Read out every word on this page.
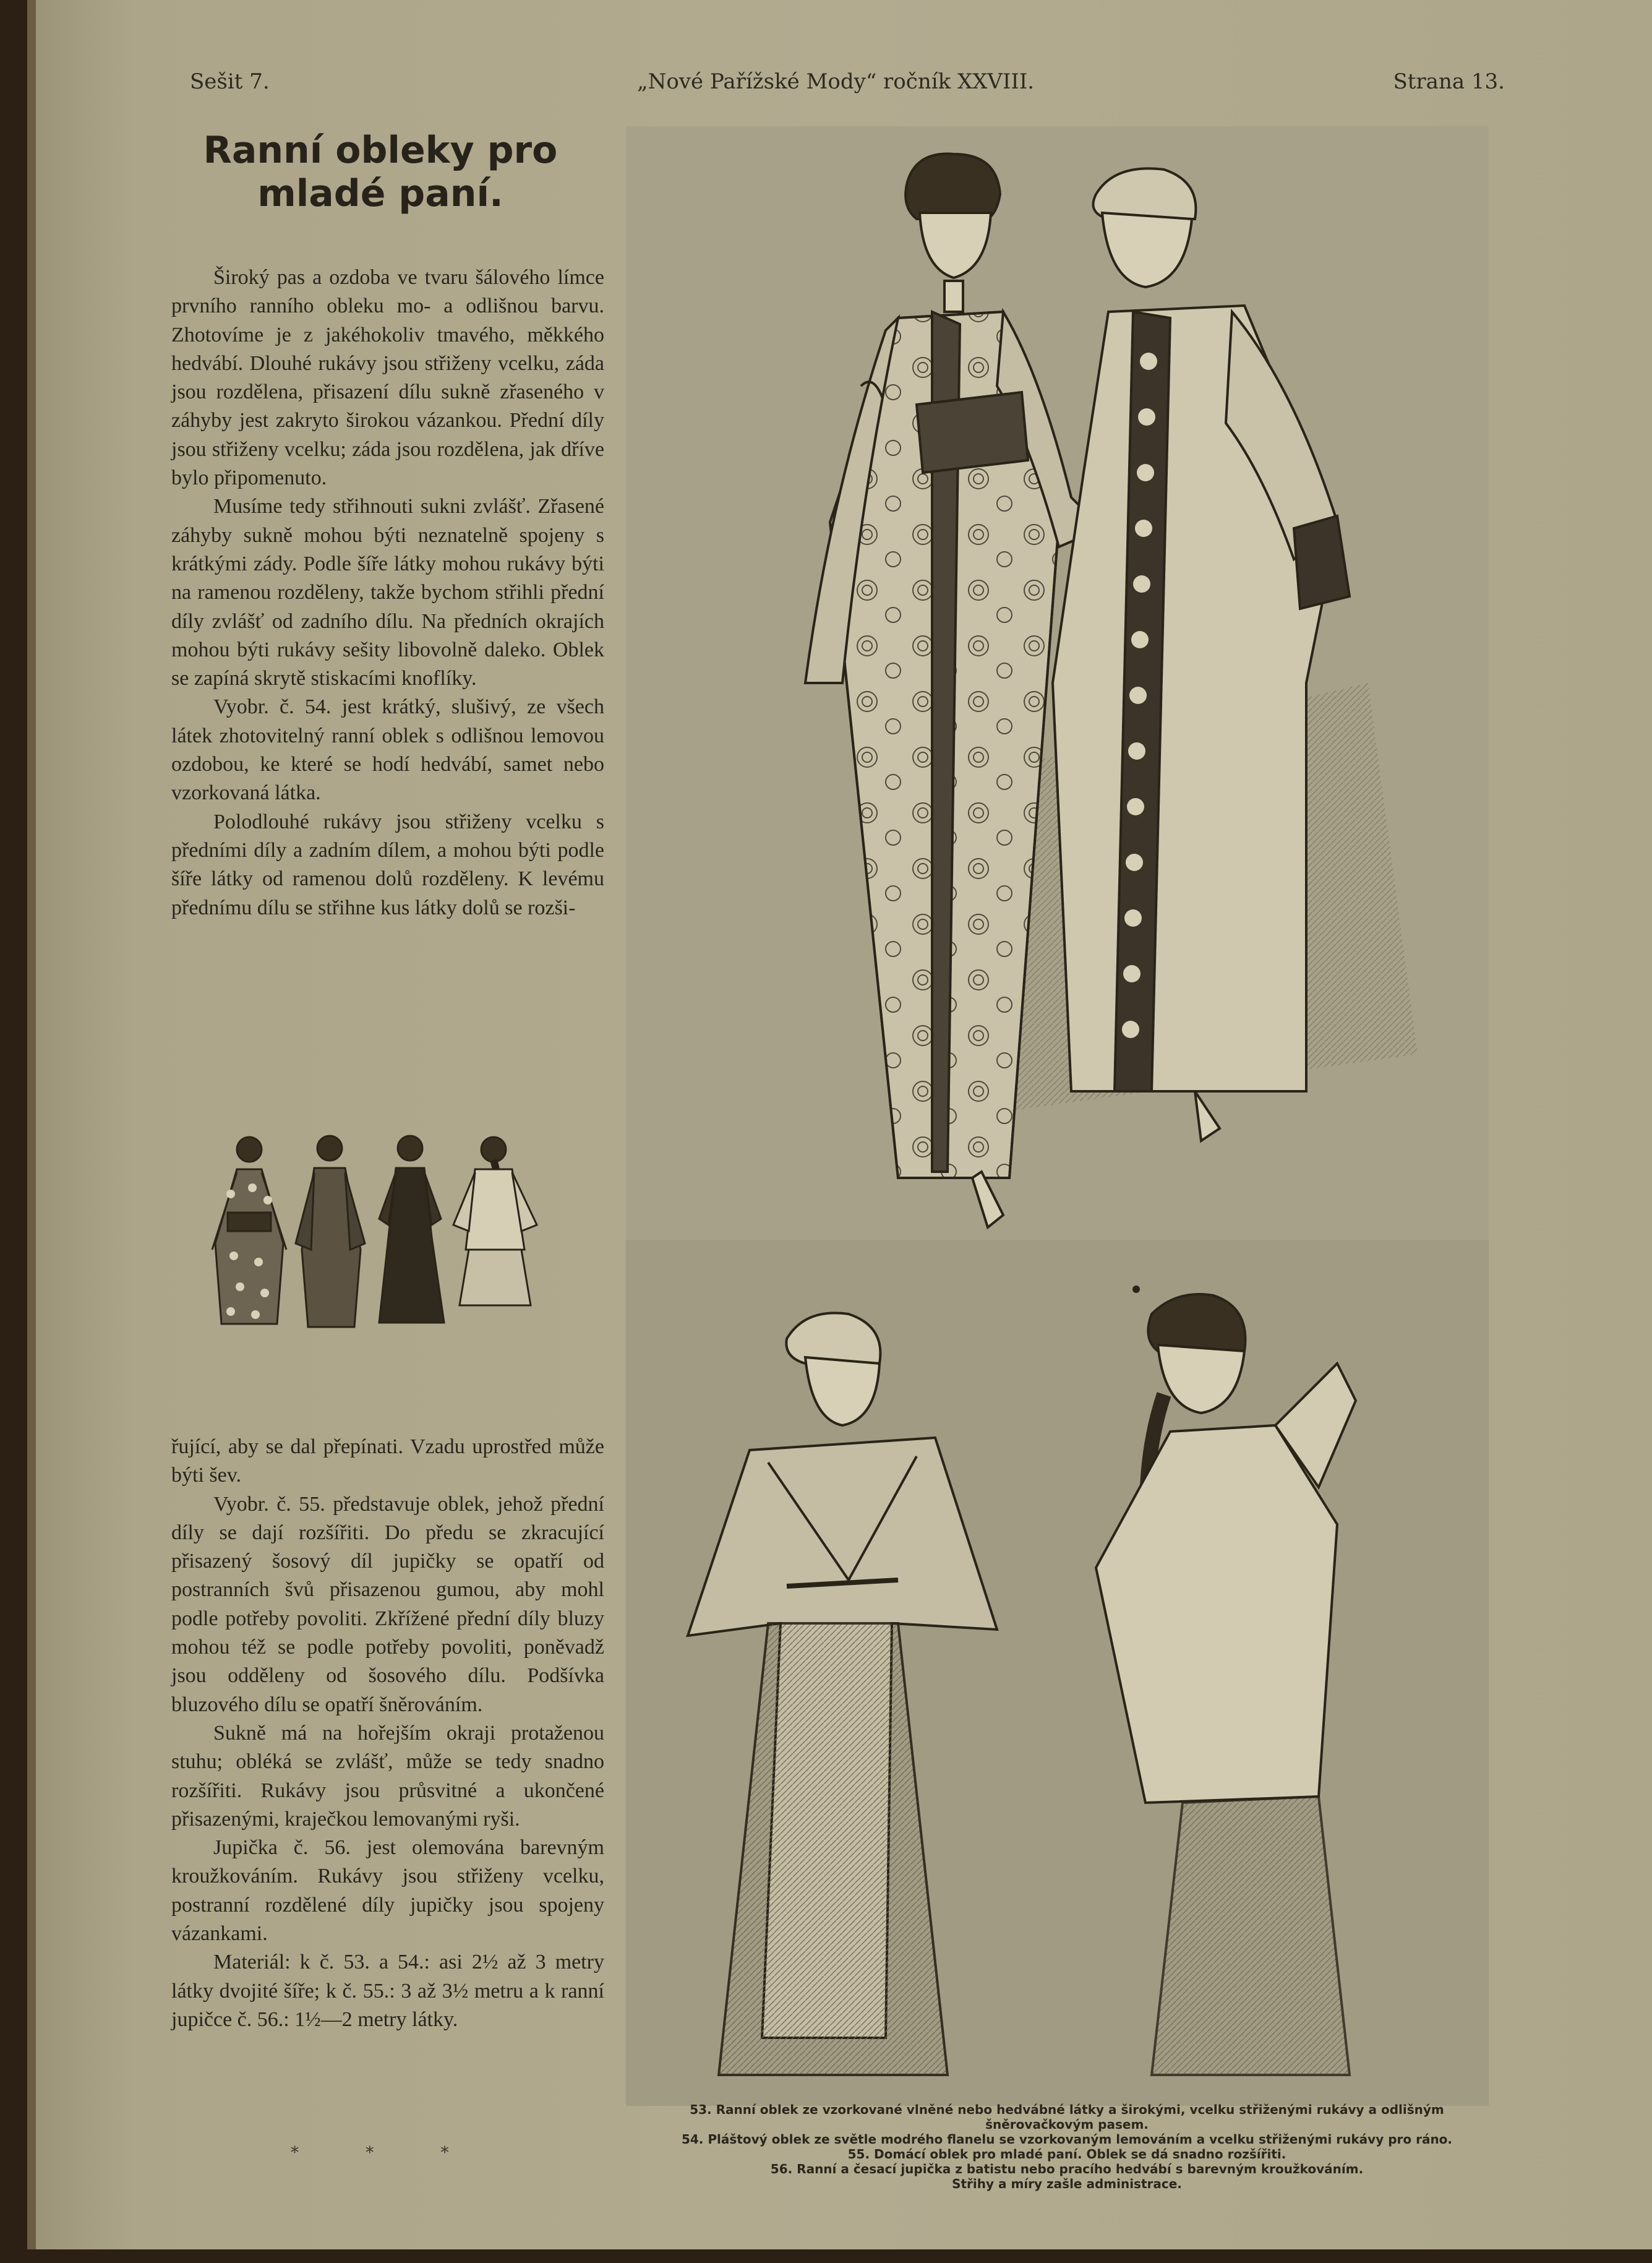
Sešit 7.	„Nové Pařížské Mody“ ročník XXVIII.	Strana 13.
Ranní obleky pro
mladé paní.

Široký pas a ozdoba ve tvaru šálového límce prvního ranního obleku mo- a odlišnou barvu. Zhotovíme je z jakéhokoliv tmavého, měkkého hedvábí. Dlouhé rukávy jsou střiženy vcelku, záda jsou rozdělena, přisazení dílu sukně zřaseného v záhyby jest zakryto širokou vázankou. Přední díly jsou střiženy vcelku; záda jsou rozdělena, jak dříve bylo připomenuto.

Musíme tedy střihnouti sukni zvlášť. Zřasené záhyby sukně mohou býti neznatelně spojeny s krátkými zády. Podle šíře látky mohou rukávy býti na ramenou rozděleny, takže bychom střihli přední díly zvlášť od zadního dílu. Na předních okrajích mohou býti rukávy sešity libovolně daleko. Oblek se zapíná skrytě stiskacími knoflíky.

Vyobr. č. 54. jest krátký, slušivý, ze všech látek zhotovitelný ranní oblek s odlišnou lemovou ozdobou, ke které se hodí hedvábí, samet nebo vzorkovaná látka.

Polodlouhé rukávy jsou střiženy vcelku s předními díly a zadním dílem, a mohou býti podle šíře látky od ramenou dolů rozděleny. K levému přednímu dílu se střihne kus látky dolů se rozši-

řující, aby se dal přepínati. Vzadu uprostřed může býti šev.

Vyobr. č. 55. představuje oblek, jehož přední díly se dají rozšířiti. Do předu se zkracující přisazený šosový díl jupičky se opatří od postranních švů přisazenou gumou, aby mohl podle potřeby povoliti. Zkřížené přední díly bluzy mohou též se podle potřeby povoliti, poněvadž jsou odděleny od šosového dílu. Podšívka bluzového dílu se opatří šněrováním.

Sukně má na hořejším okraji protaženou stuhu; obléká se zvlášť, může se tedy snadno rozšířiti. Rukávy jsou průsvitné a ukončené přisazenými, kraječkou lemovanými ryši.

Jupička č. 56. jest olemována barevným kroužkováním. Rukávy jsou střiženy vcelku, postranní rozdělené díly jupičky jsou spojeny vázankami.

Materiál: k č. 53. a 54.: asi 2½ až 3 metry látky dvojité šíře; k č. 55.: 3 až 3½ metru a k ranní jupičce č. 56.: 1½—2 metry látky.

* * *
53. Ranní oblek ze vzorkované vlněné nebo hedvábné látky a širokými, vcelku střiženými rukávy a odlišným
šněrovačkovým pasem.
54. Pláštový oblek ze světle modrého flanelu se vzorkovaným lemováním a vcelku střiženými rukávy pro ráno.
55. Domácí oblek pro mladé paní. Oblek se dá snadno rozšířiti.
56. Ranní a česací jupička z batistu nebo pracího hedvábí s barevným kroužkováním.
Střihy a míry zašle administrace.
